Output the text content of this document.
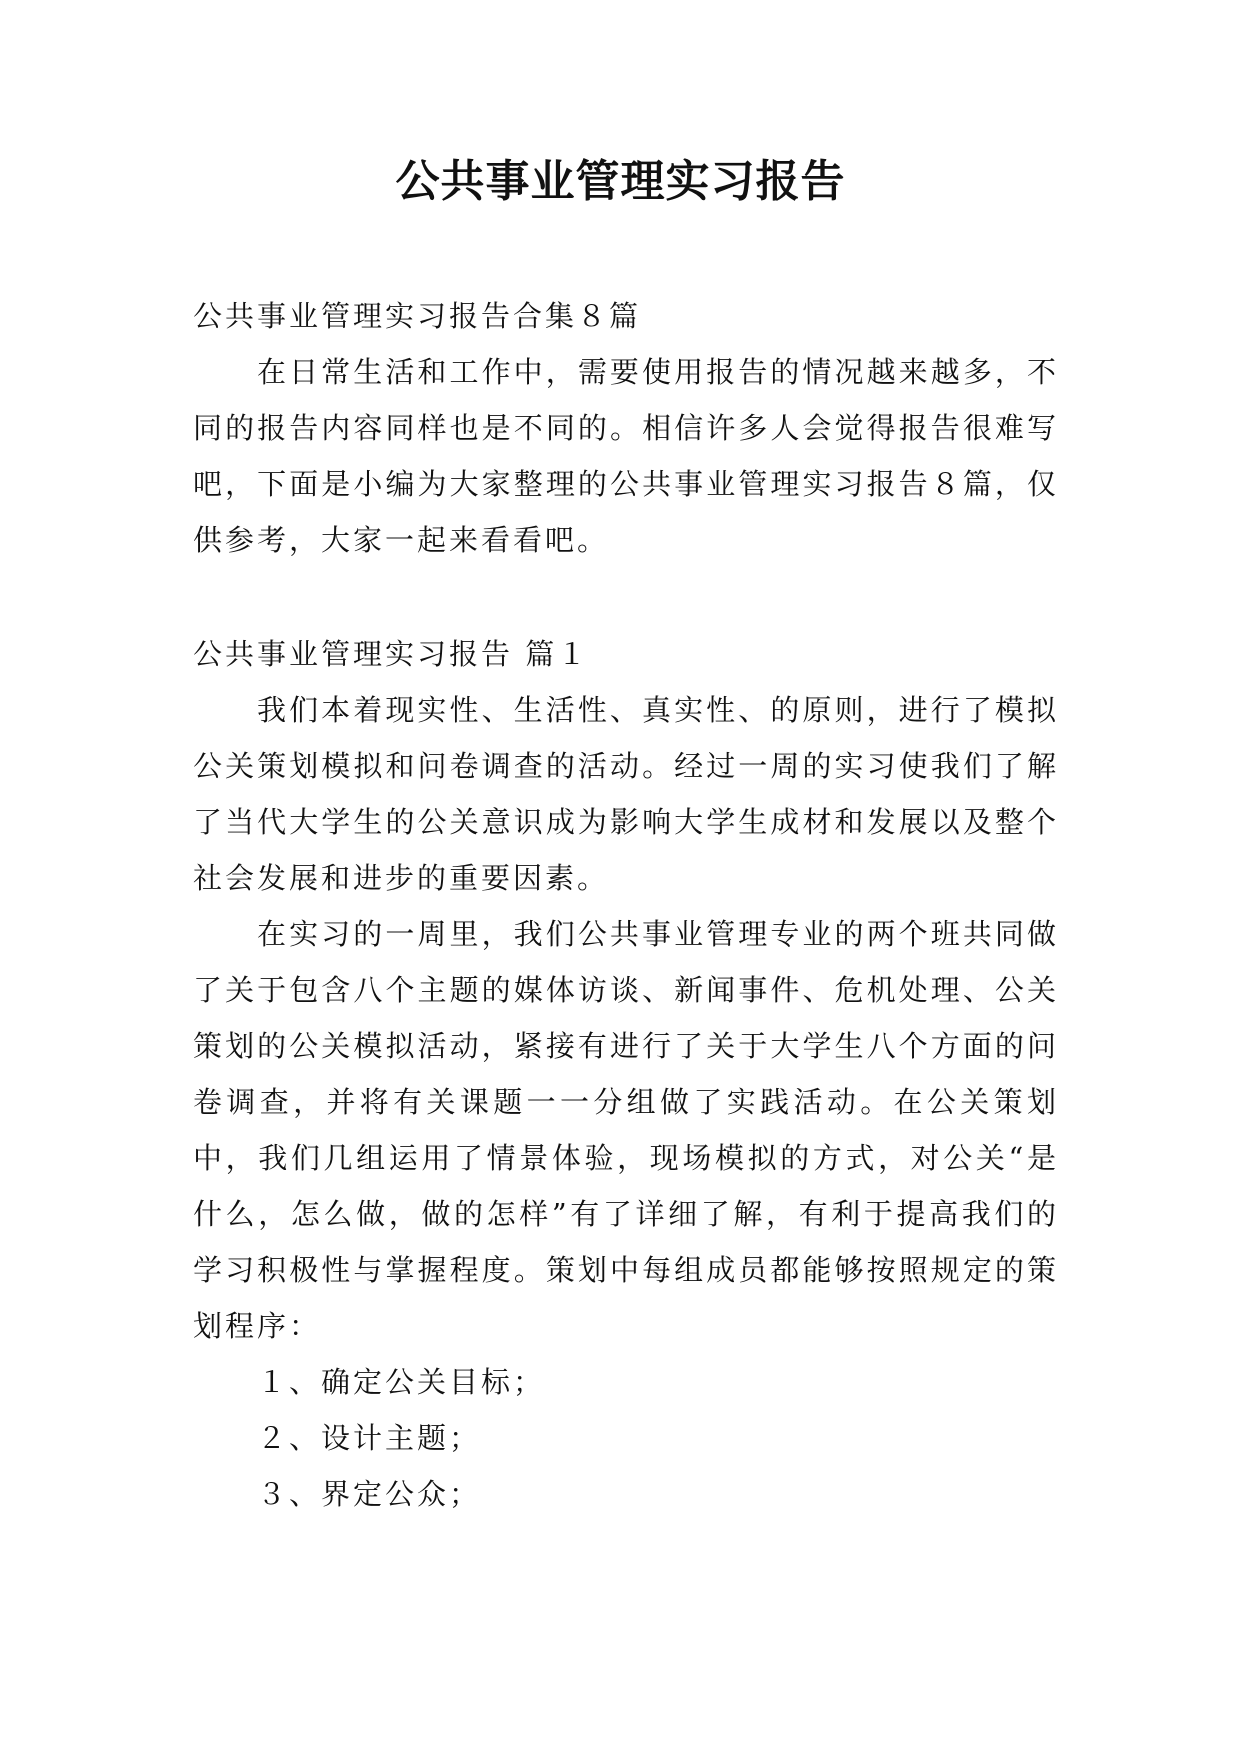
公共事业管理实习报告

公共事业管理实习报告合集８篇

在日常生活和工作中，需要使用报告的情况越来越多，不同的报告内容同样也是不同的。相信许多人会觉得报告很难写吧，下面是小编为大家整理的公共事业管理实习报告８篇，仅供参考，大家一起来看看吧。

公共事业管理实习报告 篇１

我们本着现实性、生活性、真实性、的原则，进行了模拟公关策划模拟和问卷调查的活动。经过一周的实习使我们了解了当代大学生的公关意识成为影响大学生成材和发展以及整个社会发展和进步的重要因素。

在实习的一周里，我们公共事业管理专业的两个班共同做了关于包含八个主题的媒体访谈、新闻事件、危机处理、公关策划的公关模拟活动，紧接有进行了关于大学生八个方面的问卷调查，并将有关课题一一分组做了实践活动。在公关策划中，我们几组运用了情景体验，现场模拟的方式，对公关“是什么，怎么做，做的怎样”有了详细了解，有利于提高我们的学习积极性与掌握程度。策划中每组成员都能够按照规定的策划程序：

１、确定公关目标；

２、设计主题；

３、界定公众；
